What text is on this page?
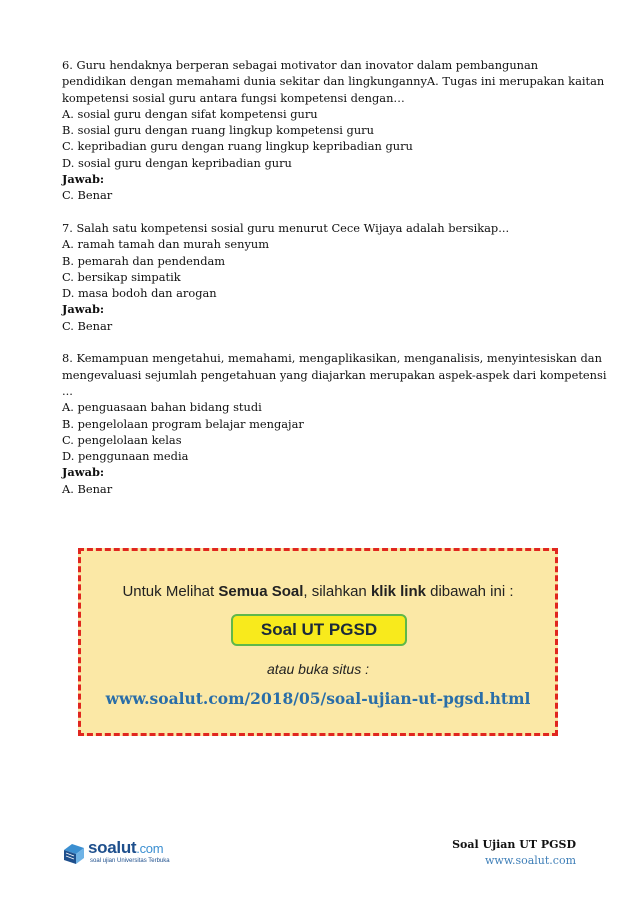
6. Guru hendaknya berperan sebagai motivator dan inovator dalam pembangunan
pendidikan dengan memahami dunia sekitar dan lingkungannyA. Tugas ini merupakan kaitan
kompetensi sosial guru antara fungsi kompetensi dengan…
A. sosial guru dengan sifat kompetensi guru
B. sosial guru dengan ruang lingkup kompetensi guru
C. kepribadian guru dengan ruang lingkup kepribadian guru
D. sosial guru dengan kepribadian guru
Jawab:
C. Benar
7. Salah satu kompetensi sosial guru menurut Cece Wijaya adalah bersikap...
A. ramah tamah dan murah senyum
B. pemarah dan pendendam
C. bersikap simpatik
D. masa bodoh dan arogan
Jawab:
C. Benar
8. Kemampuan mengetahui, memahami, mengaplikasikan, menganalisis, menyintesiskan dan
mengevaluasi sejumlah pengetahuan yang diajarkan merupakan aspek-aspek dari kompetensi
...
A. penguasaan bahan bidang studi
B. pengelolaan program belajar mengajar
C. pengelolaan kelas
D. penggunaan media
Jawab:
A. Benar
Untuk Melihat Semua Soal, silahkan klik link dibawah ini :
Soal UT PGSD
atau buka situs :
www.soalut.com/2018/05/soal-ujian-ut-pgsd.html
soalut.com
soal ujian Universitas Terbuka
Soal Ujian UT PGSD
www.soalut.com
